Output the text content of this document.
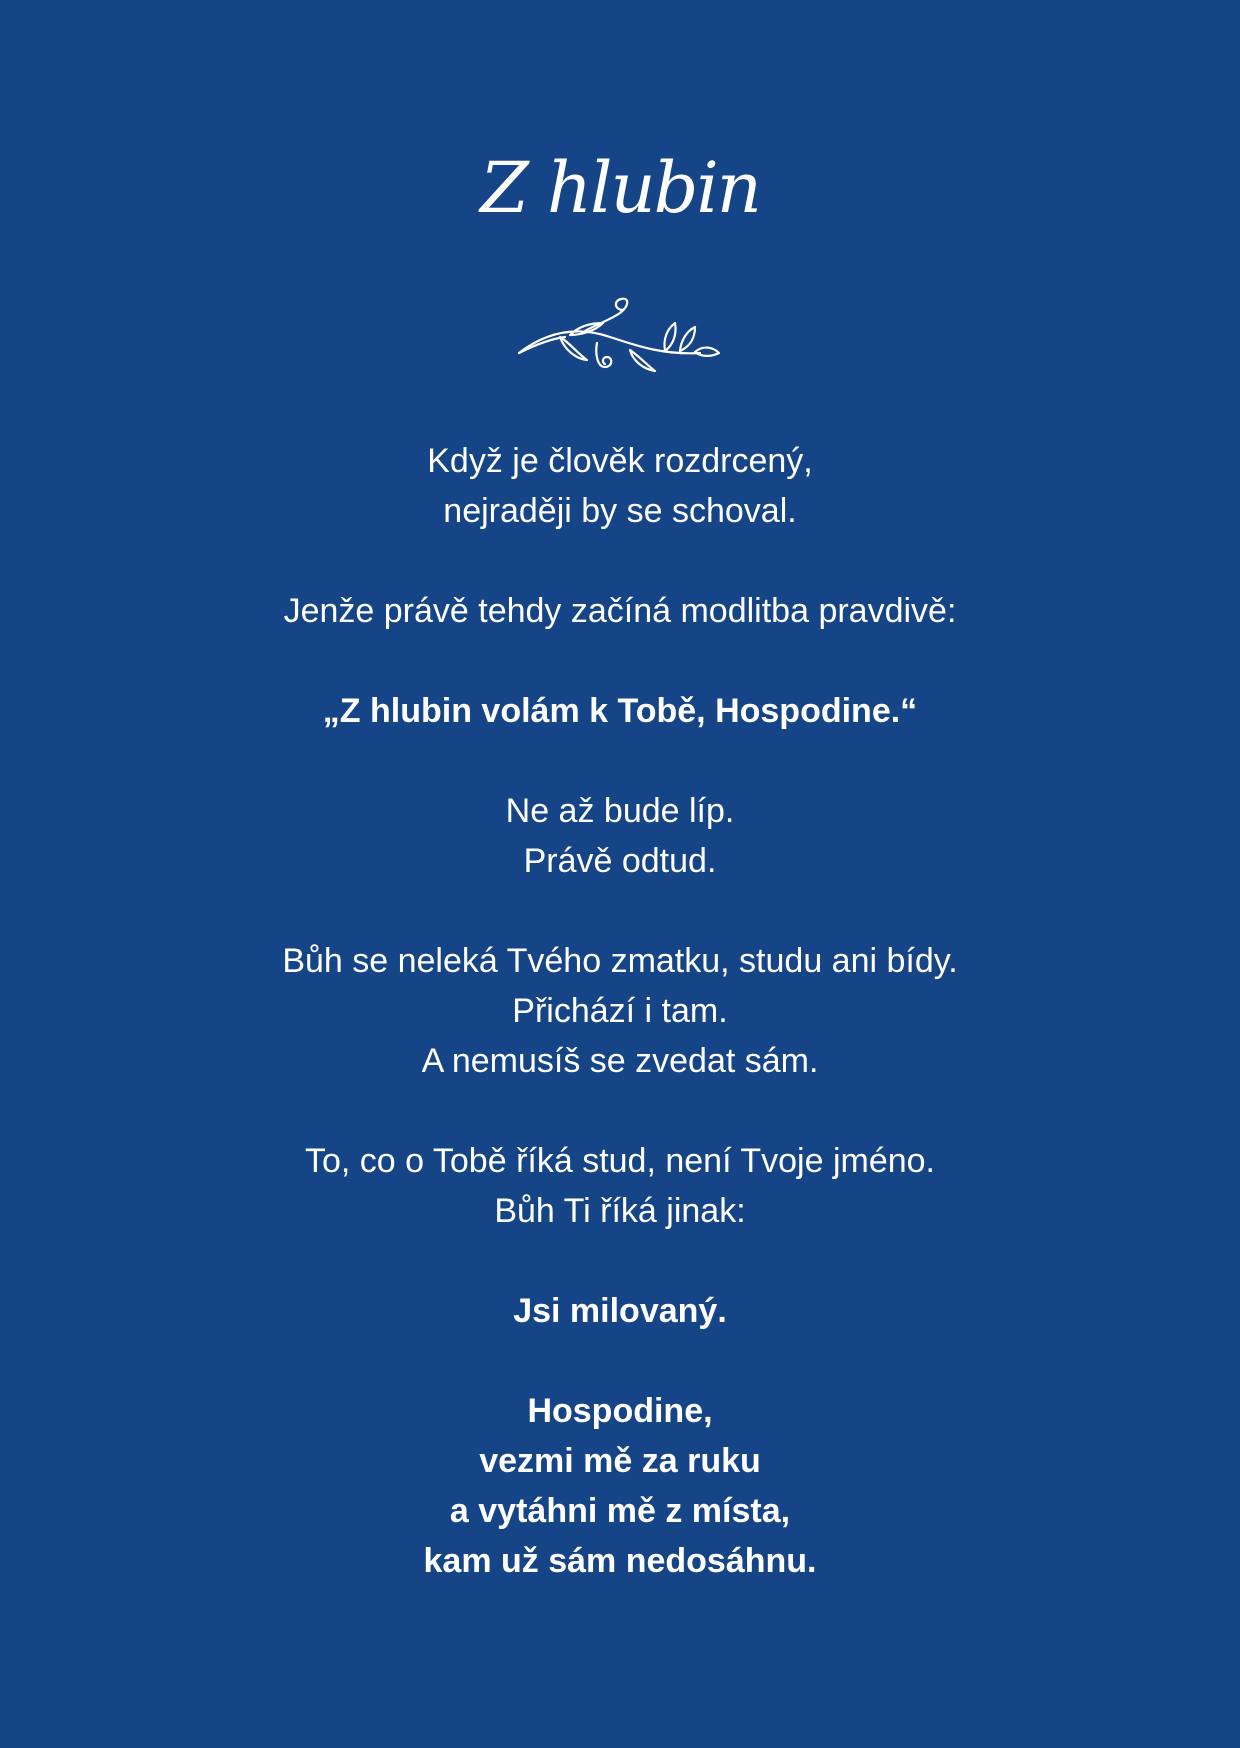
Z hlubin
Když je člověk rozdrcený,
nejraději by se schoval.
Jenže právě tehdy začíná modlitba pravdivě:
„Z hlubin volám k Tobě, Hospodine.“
Ne až bude líp.
Právě odtud.
Bůh se neleká Tvého zmatku, studu ani bídy.
Přichází i tam.
A nemusíš se zvedat sám.
To, co o Tobě říká stud, není Tvoje jméno.
Bůh Ti říká jinak:
Jsi milovaný.
Hospodine,
vezmi mě za ruku
a vytáhni mě z místa,
kam už sám nedosáhnu.
